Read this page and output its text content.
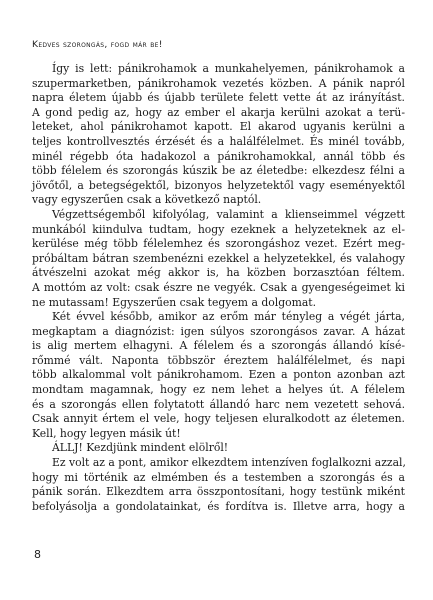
Kedves szorongás, fogd már be!
Így is lett: pánikrohamok a munkahelyemen, pánikrohamok a
szupermarketben, pánikrohamok vezetés közben. A pánik napról
napra életem újabb és újabb területe felett vette át az irányítást.
A gond pedig az, hogy az ember el akarja kerülni azokat a terü-
leteket, ahol pánikrohamot kapott. El akarod ugyanis kerülni a
teljes kontrollvesztés érzését és a halálfélelmet. És minél tovább,
minél régebb óta hadakozol a pánikrohamokkal, annál több és
több félelem és szorongás kúszik be az életedbe: elkezdesz félni a
jövőtől, a betegségektől, bizonyos helyzetektől vagy eseményektől
vagy egyszerűen csak a következő naptól.
Végzettségemből kifolyólag, valamint a klienseimmel végzett
munkából kiindulva tudtam, hogy ezeknek a helyzeteknek az el-
kerülése még több félelemhez és szorongáshoz vezet. Ezért meg-
próbáltam bátran szembenézni ezekkel a helyzetekkel, és valahogy
átvészelni azokat még akkor is, ha közben borzasztóan féltem.
A mottóm az volt: csak észre ne vegyék. Csak a gyengeségeimet ki
ne mutassam! Egyszerűen csak tegyem a dolgomat.
Két évvel később, amikor az erőm már tényleg a végét járta,
megkaptam a diagnózist: igen súlyos szorongásos zavar. A házat
is alig mertem elhagyni. A félelem és a szorongás állandó kísé-
rőmmé vált. Naponta többször éreztem halálfélelmet, és napi
több alkalommal volt pánikrohamom. Ezen a ponton azonban azt
mondtam magamnak, hogy ez nem lehet a helyes út. A félelem
és a szorongás ellen folytatott állandó harc nem vezetett sehová.
Csak annyit értem el vele, hogy teljesen eluralkodott az életemen.
Kell, hogy legyen másik út!
ÁLLJ! Kezdjünk mindent elölről!
Ez volt az a pont, amikor elkezdtem intenzíven foglalkozni azzal,
hogy mi történik az elmémben és a testemben a szorongás és a
pánik során. Elkezdtem arra összpontosítani, hogy testünk miként
befolyásolja a gondolatainkat, és fordítva is. Illetve arra, hogy a
8
